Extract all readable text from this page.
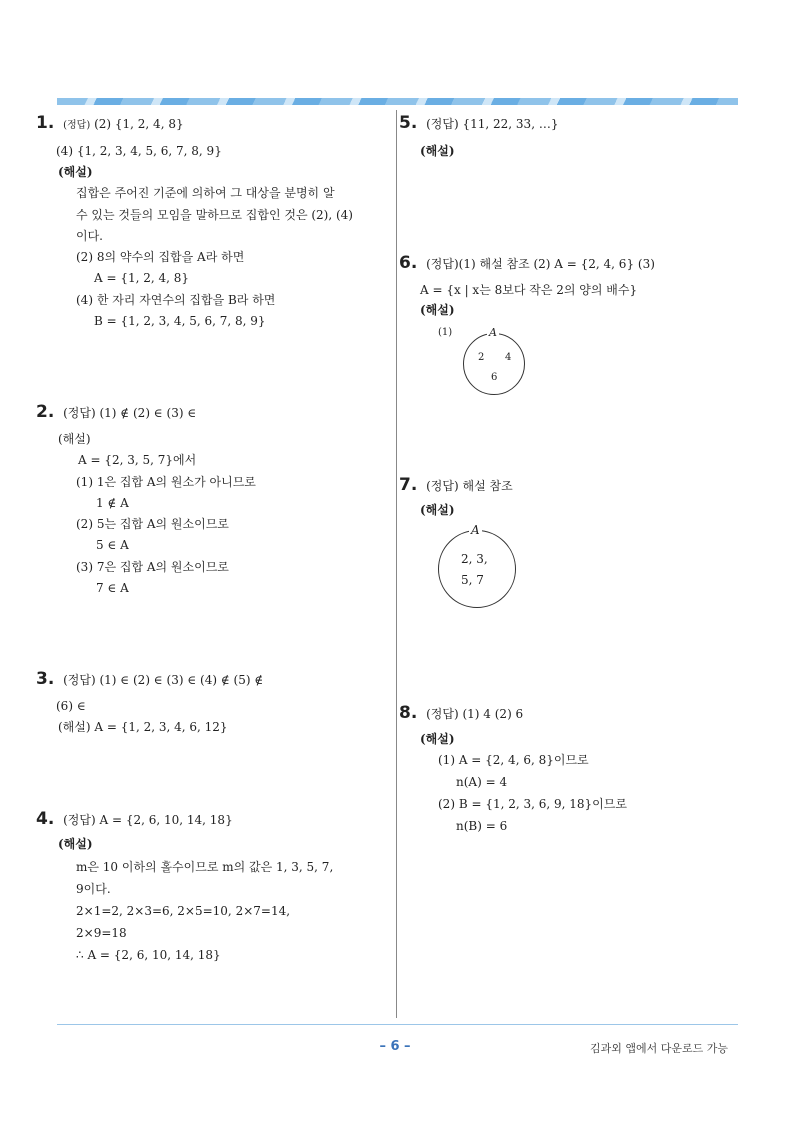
1. (정답) (2) {1, 2, 4, 8}
(4) {1, 2, 3, 4, 5, 6, 7, 8, 9}
(해설)
집합은 주어진 기준에 의하여 그 대상을 분명히 알
수 있는 것들의 모임을 말하므로 집합인 것은 (2), (4)
이다.
(2) 8의 약수의 집합을 A라 하면
A = {1, 2, 4, 8}
(4) 한 자리 자연수의 집합을 B라 하면
B = {1, 2, 3, 4, 5, 6, 7, 8, 9}
2. (정답) (1) ∉ (2) ∈ (3) ∈
(해설)
A = {2, 3, 5, 7}에서
(1) 1은 집합 A의 원소가 아니므로
1 ∉ A
(2) 5는 집합 A의 원소이므로
5 ∈ A
(3) 7은 집합 A의 원소이므로
7 ∈ A
3. (정답) (1) ∈ (2) ∈ (3) ∈ (4) ∉ (5) ∉
(6) ∈
(해설) A = {1, 2, 3, 4, 6, 12}
4. (정답) A = {2, 6, 10, 14, 18}
(해설)
m은 10 이하의 홀수이므로 m의 값은 1, 3, 5, 7,
9이다.
2×1=2, 2×3=6, 2×5=10, 2×7=14,
2×9=18
∴ A = {2, 6, 10, 14, 18}
5. (정답) {11, 22, 33, …}
(해설)
6. (정답)(1) 해설 참조 (2) A = {2, 4, 6} (3)
A = {x | x는 8보다 작은 2의 양의 배수}
(해설)
(1)	A
2 4
6
7. (정답) 해설 참조
(해설)
A
2, 3,
5, 7
8. (정답) (1) 4 (2) 6
(해설)
(1) A = {2, 4, 6, 8}이므로
n(A) = 4
(2) B = {1, 2, 3, 6, 9, 18}이므로
n(B) = 6
– 6 –	김과외 앱에서 다운로드 가능
